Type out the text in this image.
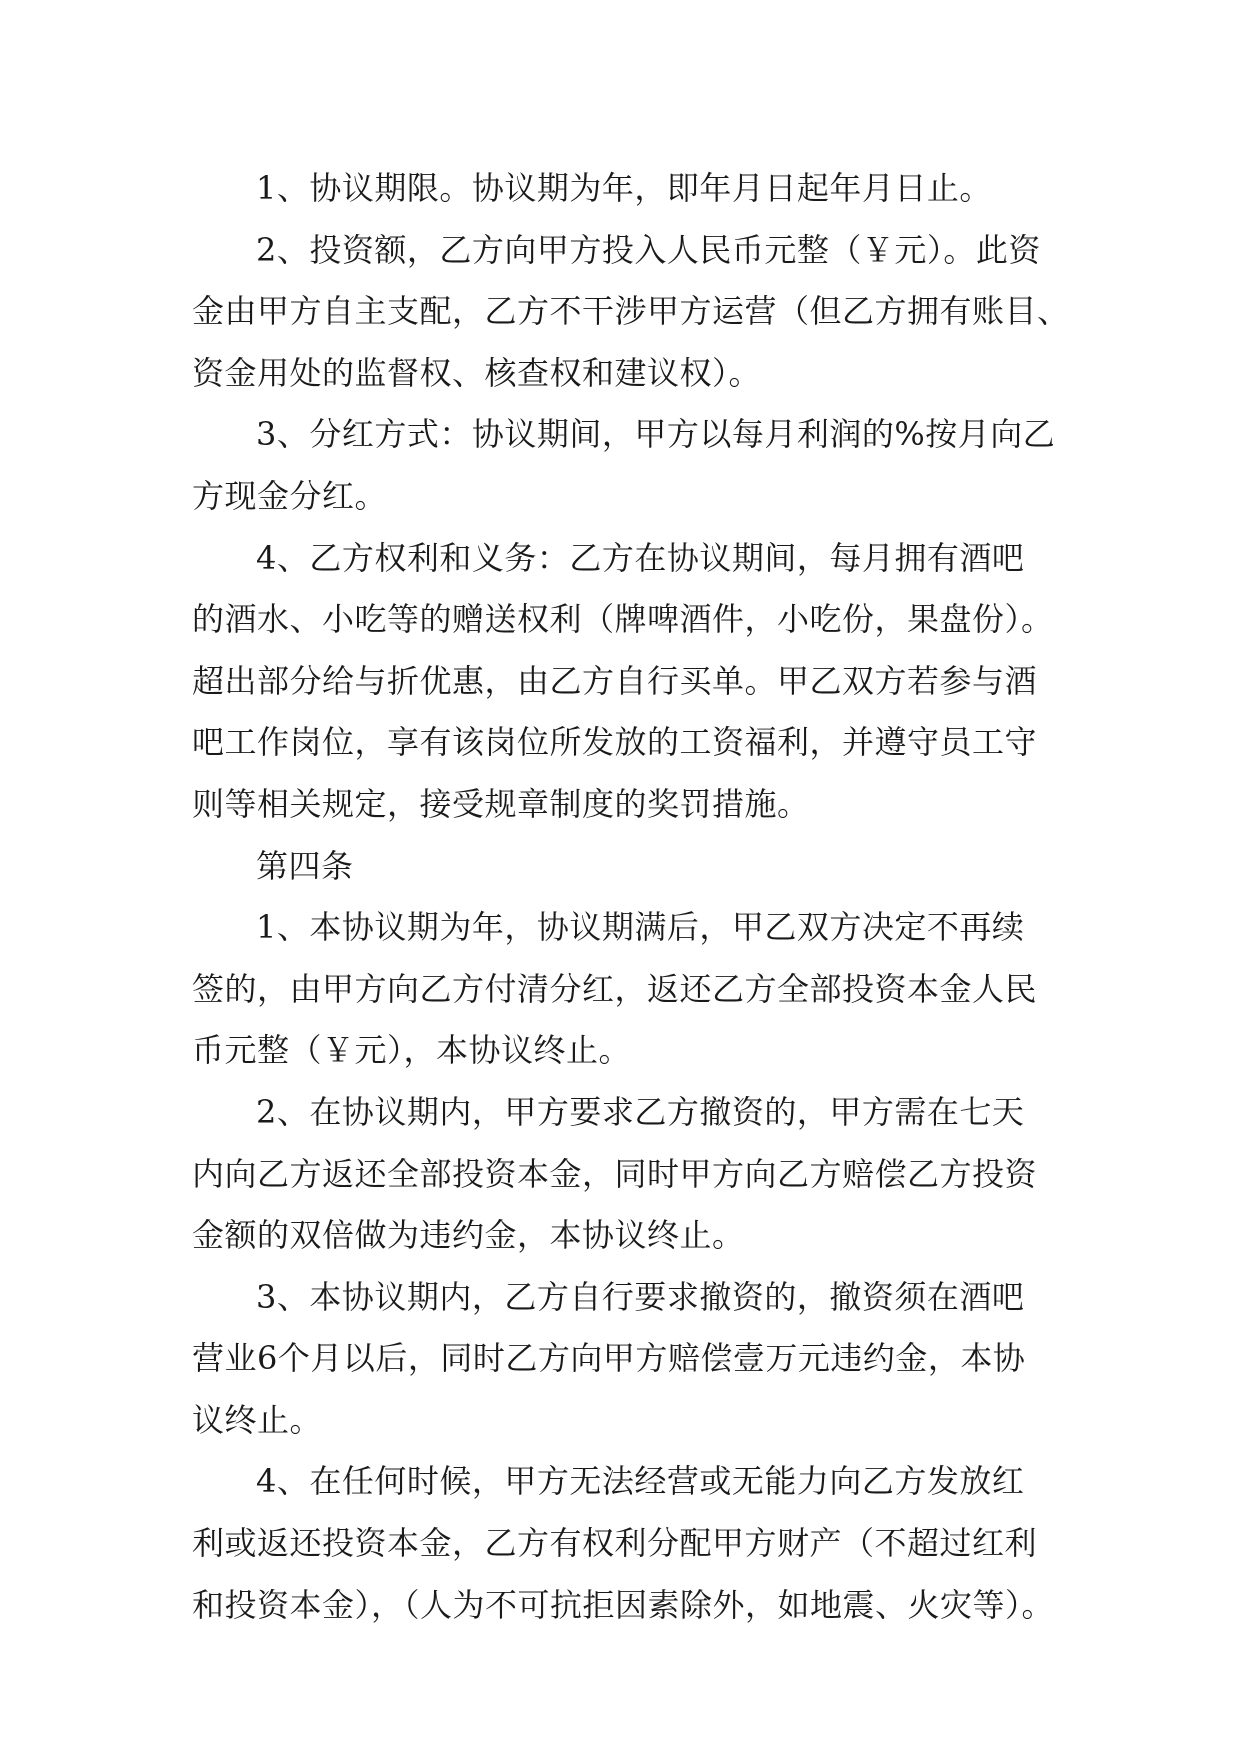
1、协议期限。协议期为年，即年月日起年月日止。
2、投资额，乙方向甲方投入人民币元整（￥元）。此资
金由甲方自主支配，乙方不干涉甲方运营（但乙方拥有账目、
资金用处的监督权、核查权和建议权）。
3、分红方式：协议期间，甲方以每月利润的%按月向乙
方现金分红。
4、乙方权利和义务：乙方在协议期间，每月拥有酒吧
的酒水、小吃等的赠送权利（牌啤酒件，小吃份，果盘份）。
超出部分给与折优惠，由乙方自行买单。甲乙双方若参与酒
吧工作岗位，享有该岗位所发放的工资福利，并遵守员工守
则等相关规定，接受规章制度的奖罚措施。
第四条
1、本协议期为年，协议期满后，甲乙双方决定不再续
签的，由甲方向乙方付清分红，返还乙方全部投资本金人民
币元整（￥元），本协议终止。
2、在协议期内，甲方要求乙方撤资的，甲方需在七天
内向乙方返还全部投资本金，同时甲方向乙方赔偿乙方投资
金额的双倍做为违约金，本协议终止。
3、本协议期内，乙方自行要求撤资的，撤资须在酒吧
营业6个月以后，同时乙方向甲方赔偿壹万元违约金，本协
议终止。
4、在任何时候，甲方无法经营或无能力向乙方发放红
利或返还投资本金，乙方有权利分配甲方财产（不超过红利
和投资本金），（人为不可抗拒因素除外，如地震、火灾等）。
